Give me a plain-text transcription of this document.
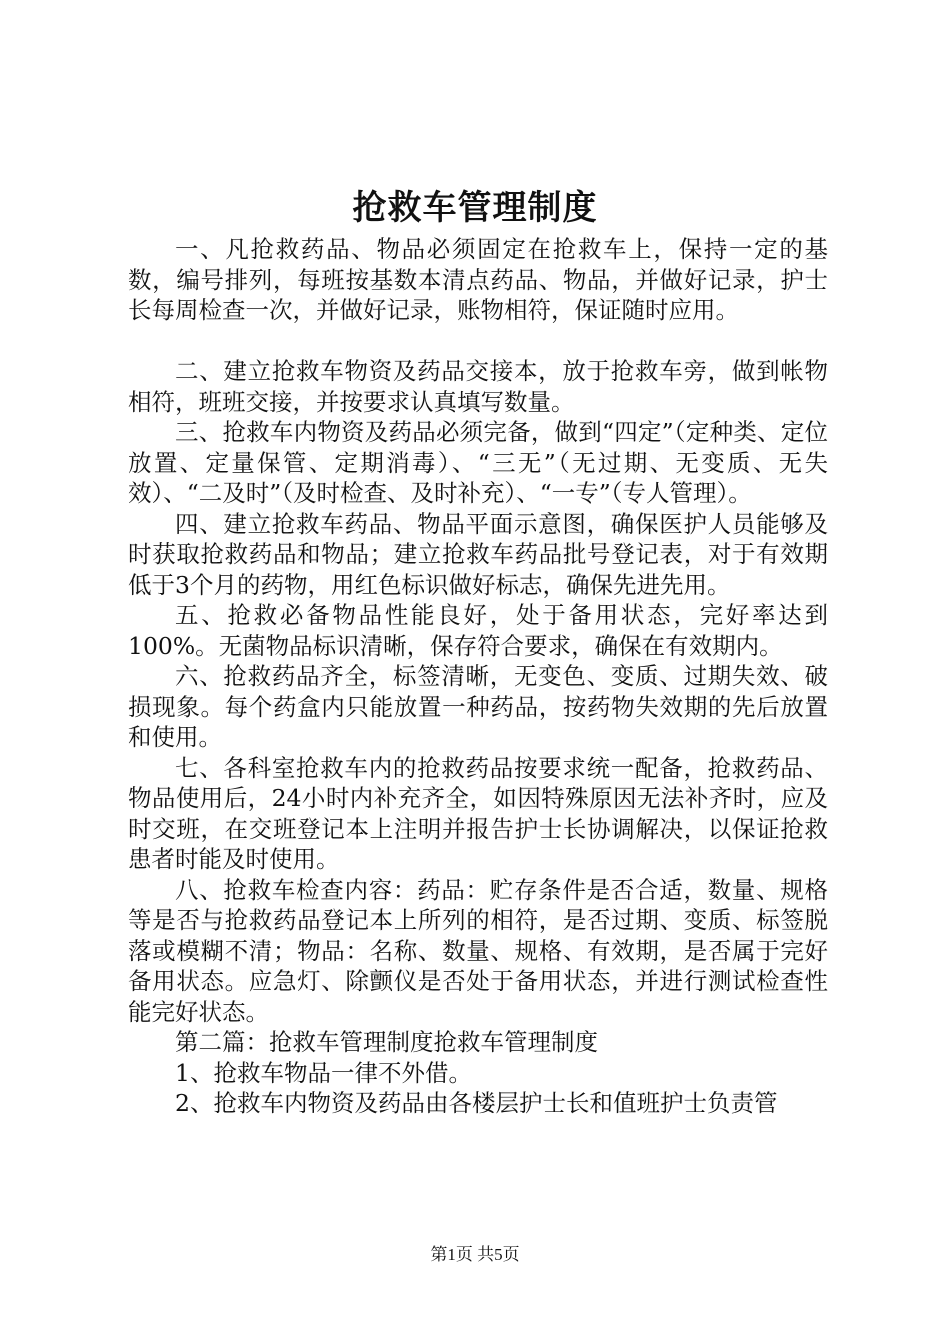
抢救车管理制度

一、凡抢救药品、物品必须固定在抢救车上，保持一定的基数，编号排列，每班按基数本清点药品、物品，并做好记录，护士长每周检查一次，并做好记录，账物相符，保证随时应用。

二、建立抢救车物资及药品交接本，放于抢救车旁，做到帐物相符，班班交接，并按要求认真填写数量。

三、抢救车内物资及药品必须完备，做到“四定”（定种类、定位放置、定量保管、定期消毒）、“三无”（无过期、无变质、无失效）、“二及时”（及时检查、及时补充）、“一专”（专人管理）。

四、建立抢救车药品、物品平面示意图，确保医护人员能够及时获取抢救药品和物品；建立抢救车药品批号登记表，对于有效期低于3个月的药物，用红色标识做好标志，确保先进先用。

五、抢救必备物品性能良好，处于备用状态，完好率达到100%。无菌物品标识清晰，保存符合要求，确保在有效期内。

六、抢救药品齐全，标签清晰，无变色、变质、过期失效、破损现象。每个药盒内只能放置一种药品，按药物失效期的先后放置和使用。

七、各科室抢救车内的抢救药品按要求统一配备，抢救药品、物品使用后，24小时内补充齐全，如因特殊原因无法补齐时，应及时交班，在交班登记本上注明并报告护士长协调解决，以保证抢救患者时能及时使用。

八、抢救车检查内容：药品：贮存条件是否合适，数量、规格等是否与抢救药品登记本上所列的相符，是否过期、变质、标签脱落或模糊不清；物品：名称、数量、规格、有效期，是否属于完好备用状态。应急灯、除颤仪是否处于备用状态，并进行测试检查性能完好状态。

第二篇：抢救车管理制度抢救车管理制度

1、抢救车物品一律不外借。

2、抢救车内物资及药品由各楼层护士长和值班护士负责管

第1页 共5页
